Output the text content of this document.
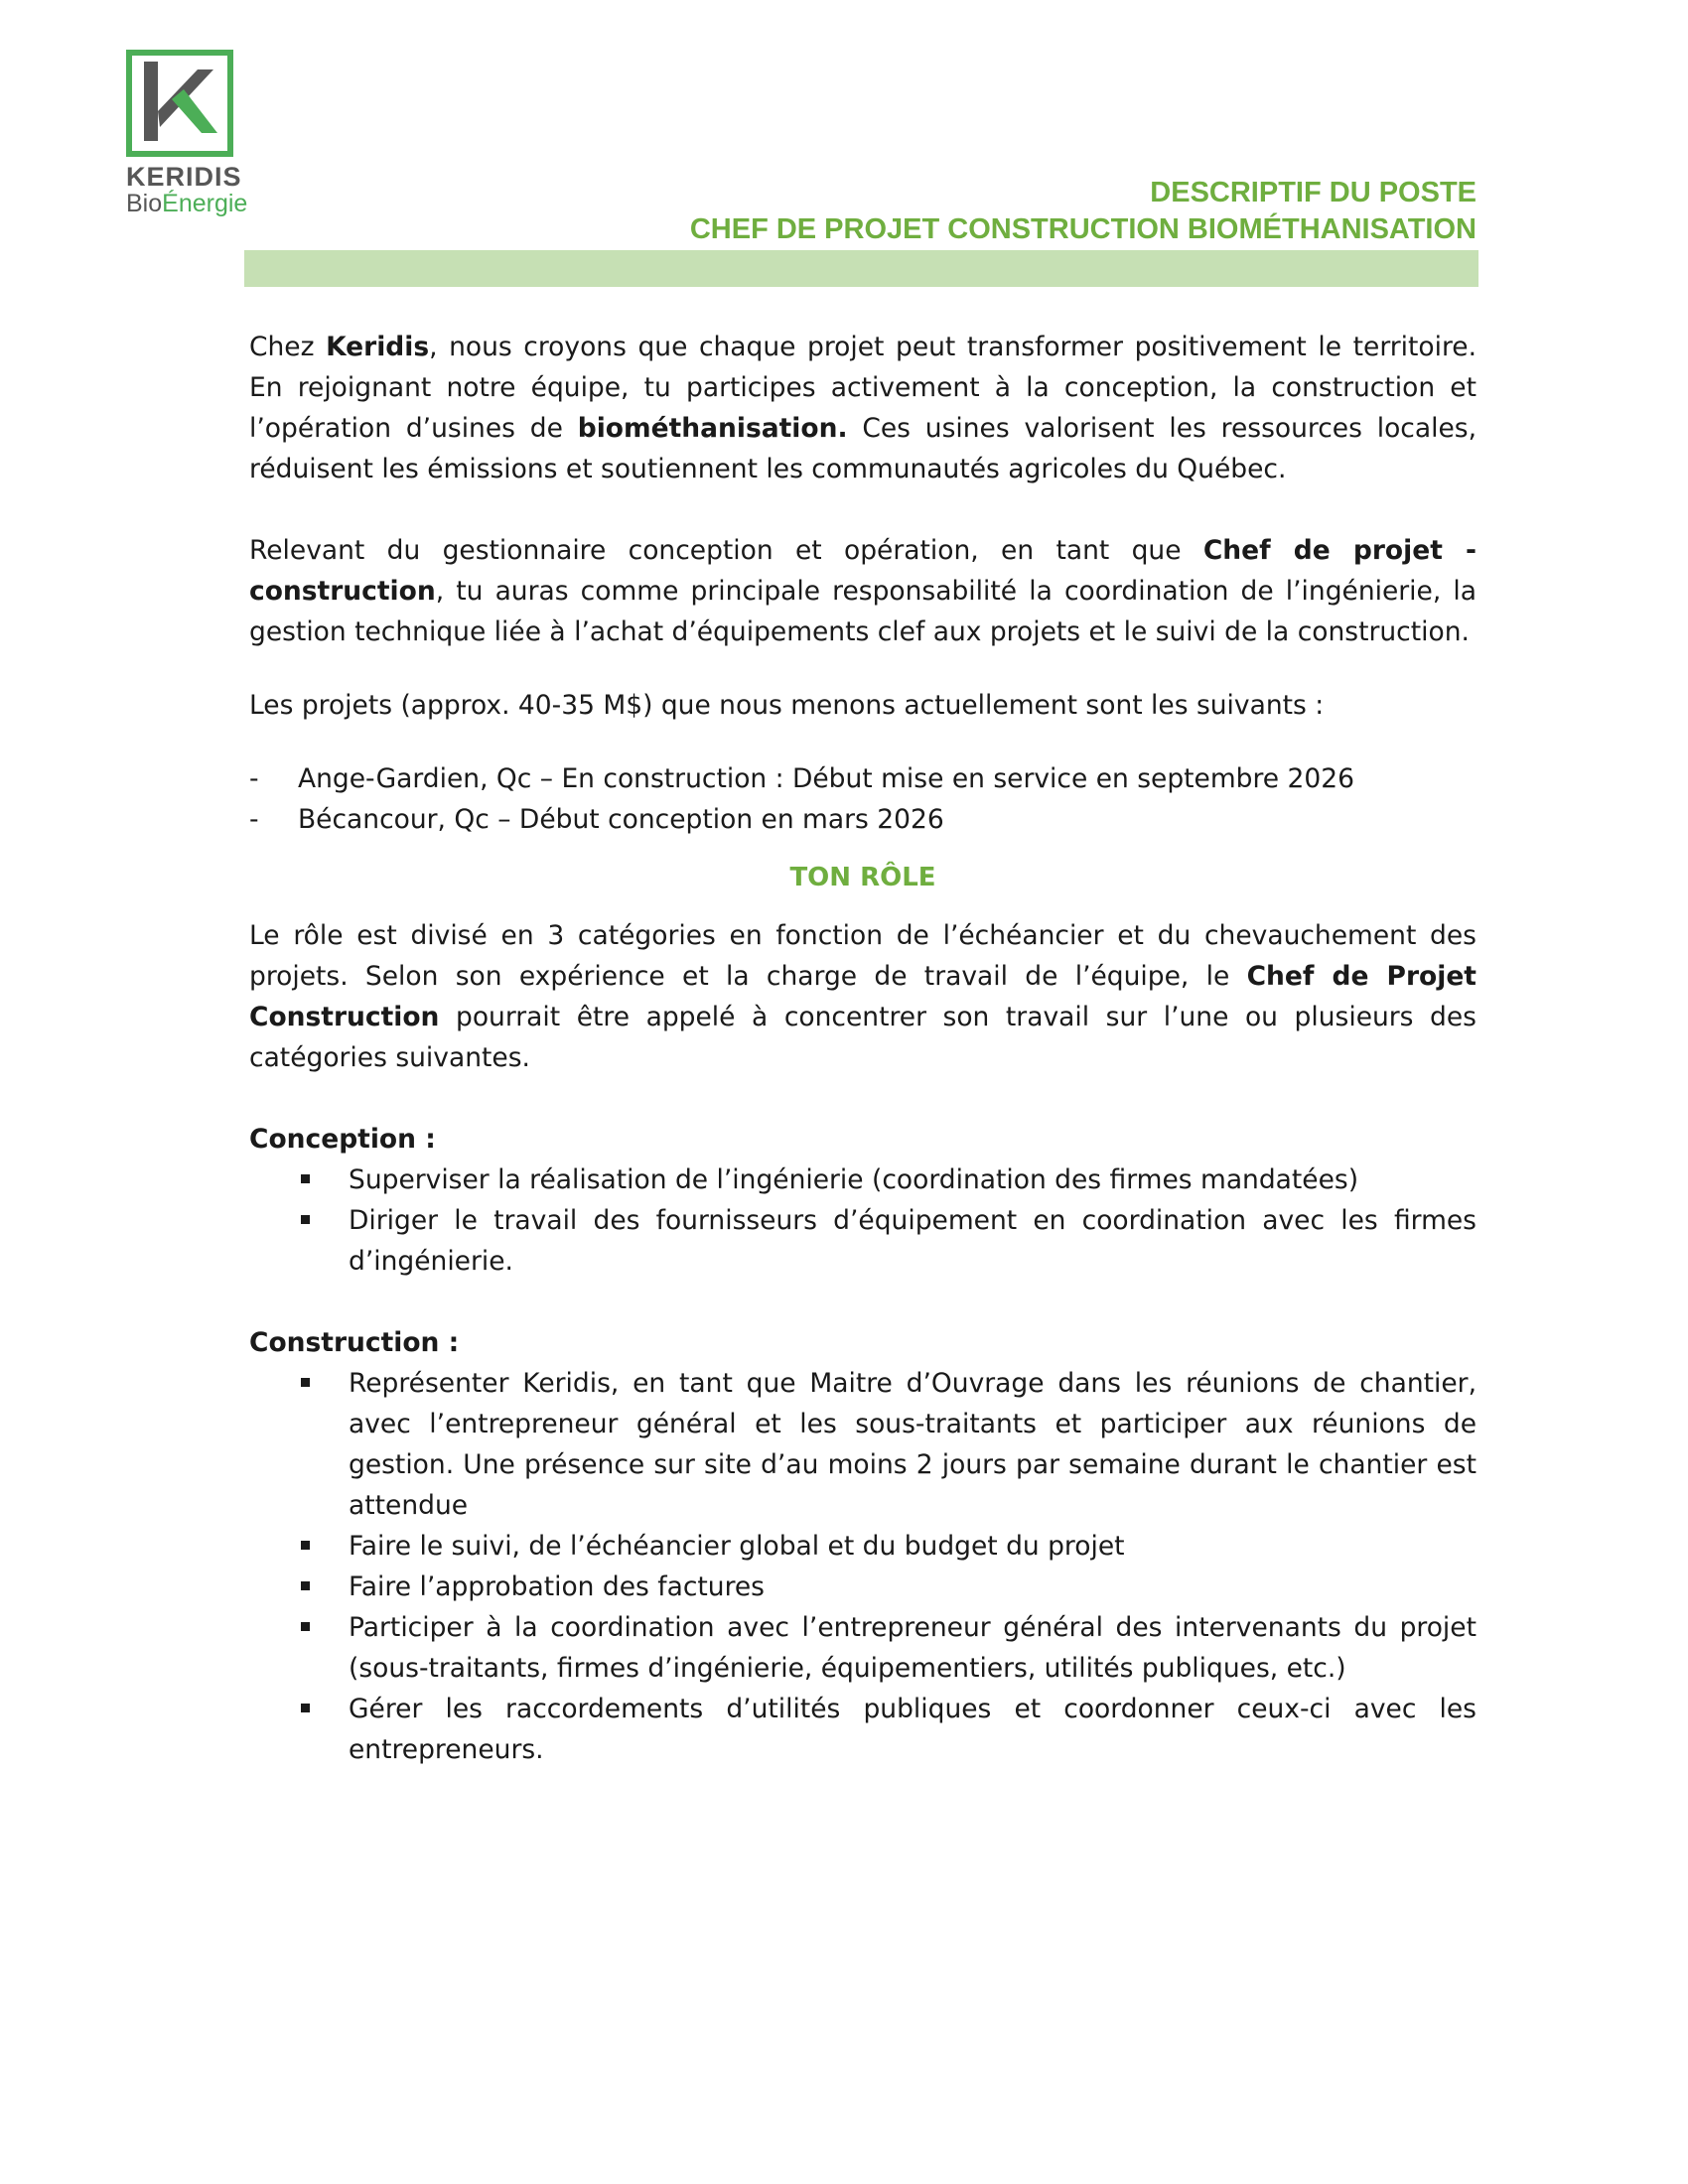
KERIDIS
BioÉnergie	DESCRIPTIF DU POSTE
CHEF DE PROJET CONSTRUCTION BIOMÉTHANISATION

Chez Keridis, nous croyons que chaque projet peut transformer positivement le territoire. En rejoignant notre équipe, tu participes activement à la conception, la construction et l’opération d’usines de biométhanisation. Ces usines valorisent les ressources locales, réduisent les émissions et soutiennent les communautés agricoles du Québec.

Relevant du gestionnaire conception et opération, en tant que Chef de projet - construction, tu auras comme principale responsabilité la coordination de l’ingénierie, la gestion technique liée à l’achat d’équipements clef aux projets et le suivi de la construction.

Les projets (approx. 40-35 M$) que nous menons actuellement sont les suivants :

- Ange-Gardien, Qc – En construction : Début mise en service en septembre 2026
- Bécancour, Qc – Début conception en mars 2026

TON RÔLE

Le rôle est divisé en 3 catégories en fonction de l’échéancier et du chevauchement des projets. Selon son expérience et la charge de travail de l’équipe, le Chef de Projet Construction pourrait être appelé à concentrer son travail sur l’une ou plusieurs des catégories suivantes.

Conception :

Superviser la réalisation de l’ingénierie (coordination des firmes mandatées)
Diriger le travail des fournisseurs d’équipement en coordination avec les firmes d’ingénierie.

Construction :

Représenter Keridis, en tant que Maitre d’Ouvrage dans les réunions de chantier, avec l’entrepreneur général et les sous-traitants et participer aux réunions de gestion. Une présence sur site d’au moins 2 jours par semaine durant le chantier est attendue
Faire le suivi, de l’échéancier global et du budget du projet
Faire l’approbation des factures
Participer à la coordination avec l’entrepreneur général des intervenants du projet (sous-traitants, firmes d’ingénierie, équipementiers, utilités publiques, etc.)
Gérer les raccordements d’utilités publiques et coordonner ceux-ci avec les entrepreneurs.
